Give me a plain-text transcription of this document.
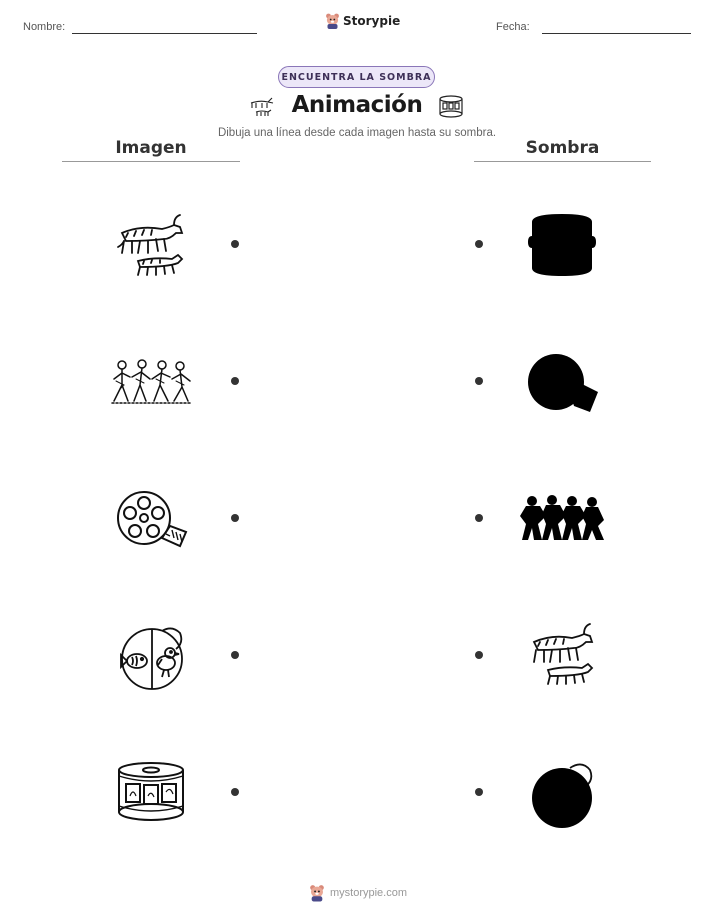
Nombre:	Storypie	Fecha:
ENCUENTRA LA SOMBRA
Animación
Dibuja una línea desde cada imagen hasta su sombra.
Imagen	Sombra
mystorypie.com
